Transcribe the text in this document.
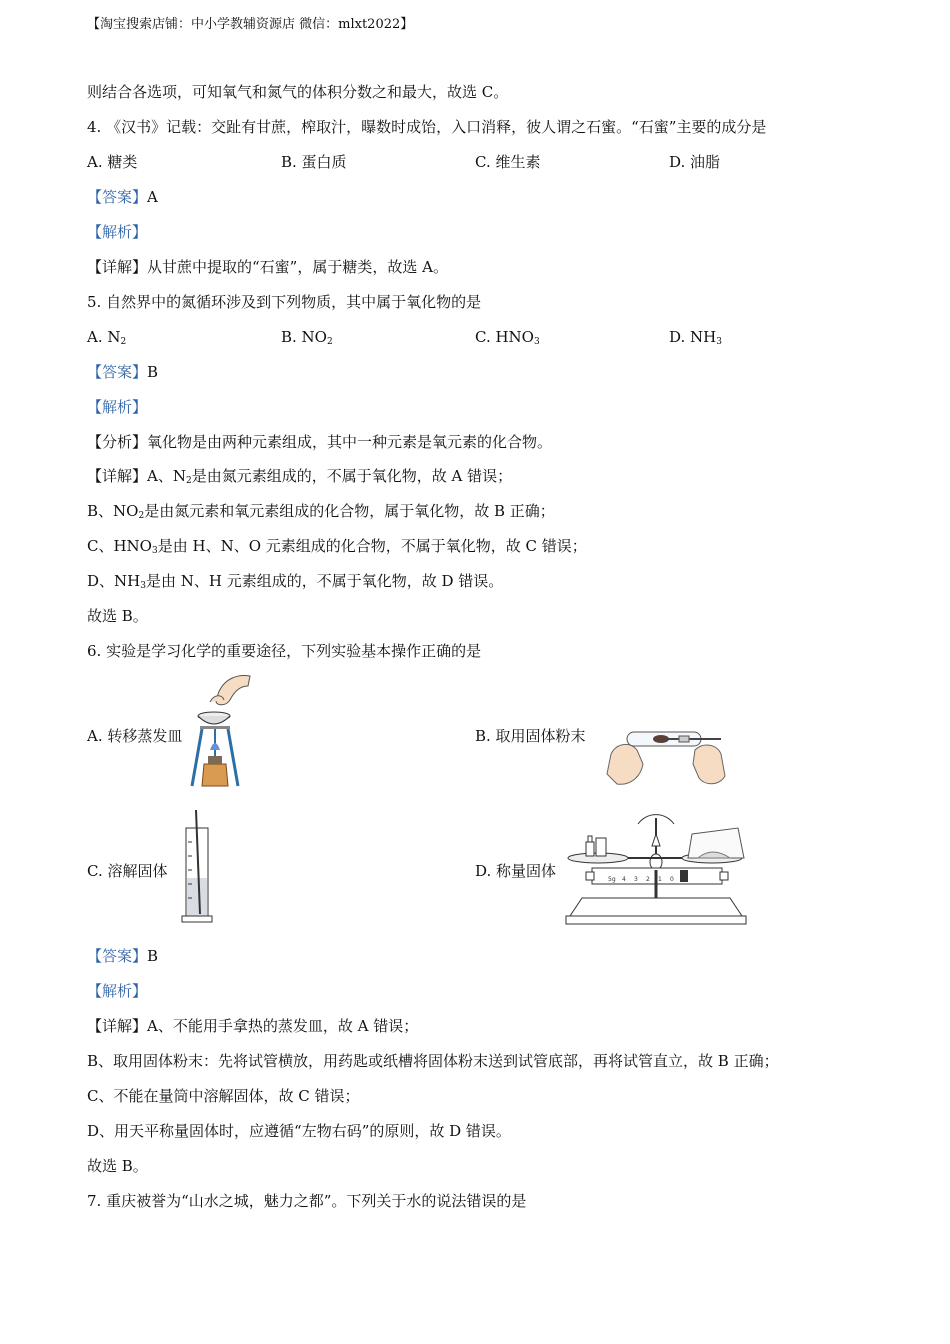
【淘宝搜索店铺：中小学教辅资源店 微信：mlxt2022】
则结合各选项，可知氧气和氮气的体积分数之和最大，故选 C。
4. 《汉书》记载：交趾有甘蔗，榨取汁，曝数时成饴，入口消释，彼人谓之石蜜。“石蜜”主要的成分是
A. 糖类	B. 蛋白质	C. 维生素	D. 油脂
【答案】A
【解析】
【详解】从甘蔗中提取的“石蜜”，属于糖类，故选 A。
5. 自然界中的氮循环涉及到下列物质，其中属于氧化物的是
A. $N_2$	B. $NO_2$	C. $HNO_3$	D. $NH_3$
【答案】B
【解析】
【分析】氧化物是由两种元素组成，其中一种元素是氧元素的化合物。
【详解】A、$N_2$是由氮元素组成的，不属于氧化物，故 A 错误；
B、$NO_2$是由氮元素和氧元素组成的化合物，属于氧化物，故 B 正确；
C、$HNO_3$是由 H、N、O 元素组成的化合物，不属于氧化物，故 C 错误；
D、$NH_3$是由 N、H 元素组成的，不属于氧化物，故 D 错误。
故选 B。
6. 实验是学习化学的重要途径，下列实验基本操作正确的是
A. 转移蒸发皿	B. 取用固体粉末
C. 溶解固体	D. 称量固体	5g 4 3 2 1 0
【答案】B
【解析】
【详解】A、不能用手拿热的蒸发皿，故 A 错误；
B、取用固体粉末：先将试管横放，用药匙或纸槽将固体粉末送到试管底部，再将试管直立，故 B 正确；
C、不能在量筒中溶解固体，故 C 错误；
D、用天平称量固体时，应遵循“左物右码”的原则，故 D 错误。
故选 B。
7. 重庆被誉为“山水之城，魅力之都”。下列关于水的说法错误的是
